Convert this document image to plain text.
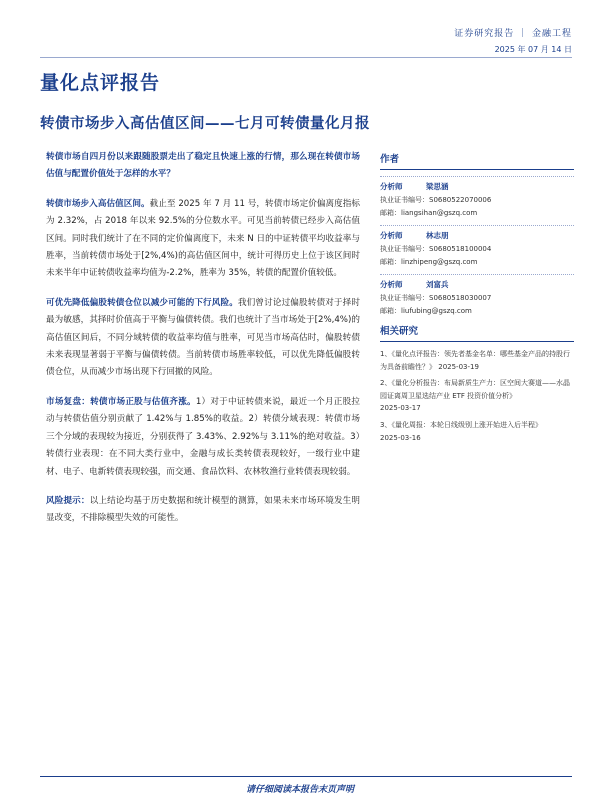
证券研究报告 ｜ 金融工程
2025 年 07 月 14 日
量化点评报告
转债市场步入高估值区间——七月可转债量化月报

转债市场自四月份以来跟随股票走出了稳定且快速上涨的行情，那么现在转债市场估值与配置价值处于怎样的水平？

转债市场步入高估值区间。截止至 2025 年 7 月 11 号，转债市场定价偏离度指标为 2.32%，占 2018 年以来 92.5%的分位数水平。可见当前转债已经步入高估值区间。同时我们统计了在不同的定价偏离度下，未来 N 日的中证转债平均收益率与胜率，当前转债市场处于[2%,4%)的高估值区间中，统计可得历史上位于该区间时未来半年中证转债收益率均值为-2.2%，胜率为 35%，转债的配置价值较低。

可优先降低偏股转债仓位以减少可能的下行风险。我们曾讨论过偏股转债对于择时最为敏感，其择时价值高于平衡与偏债转债。我们也统计了当市场处于[2%,4%)的高估值区间后，不同分域转债的收益率均值与胜率，可见当市场高估时，偏股转债未来表现显著弱于平衡与偏债转债。当前转债市场胜率较低，可以优先降低偏股转债仓位，从而减少市场出现下行回撤的风险。

市场复盘：转债市场正股与估值齐涨。1）对于中证转债来说，最近一个月正股拉动与转债估值分别贡献了 1.42%与 1.85%的收益。2）转债分域表现：转债市场三个分域的表现较为接近，分别获得了 3.43%、2.92%与 3.11%的绝对收益。3）转债行业表现：在不同大类行业中，金融与成长类转债表现较好，一级行业中建材、电子、电新转债表现较强，而交通、食品饮料、农林牧渔行业转债表现较弱。

风险提示：以上结论均基于历史数据和统计模型的测算，如果未来市场环境发生明显改变，不排除模型失效的可能性。

作者
分析师	梁思涵
执业证书编号： S0680522070006
邮箱： liangsihan@gszq.com
分析师	林志朋
执业证书编号： S0680518100004
邮箱： linzhipeng@gszq.com
分析师	刘富兵
执业证书编号： S0680518030007
邮箱： liufubing@gszq.com
相关研究
1、《量化点评报告：领先者基金名单：哪些基金产品的持股行为具备前瞻性？》 2025-03-19
2、《量化分析报告：布局新质生产力：区空间大赛道——水晶园证离周卫星选结产业 ETF 投资价值分析》
2025-03-17
3、《量化周报：本轮日线级别上涨开始进入后半程》
2025-03-16
请仔细阅读本报告末页声明
